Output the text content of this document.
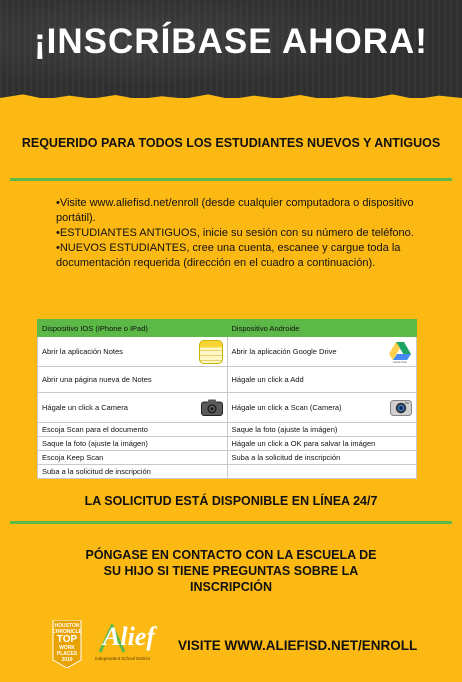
¡INSCRÍBASE AHORA!
REQUERIDO PARA TODOS LOS ESTUDIANTES NUEVOS Y ANTIGUOS

•Visite www.aliefisd.net/enroll (desde cualquier computadora o dispositivo portátil).

•ESTUDIANTES ANTIGUOS, inicie su sesión con su número de teléfono.

•NUEVOS ESTUDIANTES, cree una cuenta, escanee y cargue toda la documentación requerida (dirección en el cuadro a continuación).

Dispositivo IOS (IPhone o IPad)	Dispositivo Androide

Abrir la aplicación Notes	Abrir la aplicación Google Drive
Google Drive

Abrir una página nueva de Notes	Hágale un click a Add

Hágale un click a Camera	Hágale un click a Scan (Camera)

Escoja Scan para el documento	Saque la foto (ajuste la imágen)
Saque la foto (ajuste la imágen)	Hágale un click a OK para salvar la imágen
Escoja Keep Scan	Suba a la solicitud de inscripción
Suba a la solicitud de inscripción	
LA SOLICITUD ESTÁ DISPONIBLE EN LÍNEA 24/7

PÓNGASE EN CONTACTO CON LA ESCUELA DE

SU HIJO SI TIENE PREGUNTAS SOBRE LA

INSCRIPCIÓN

HOUSTON
CHRONICLE
TOP
WORK
PLACES
2019
Alief
Independent School District
VISITE WWW.ALIEFISD.NET/ENROLL
